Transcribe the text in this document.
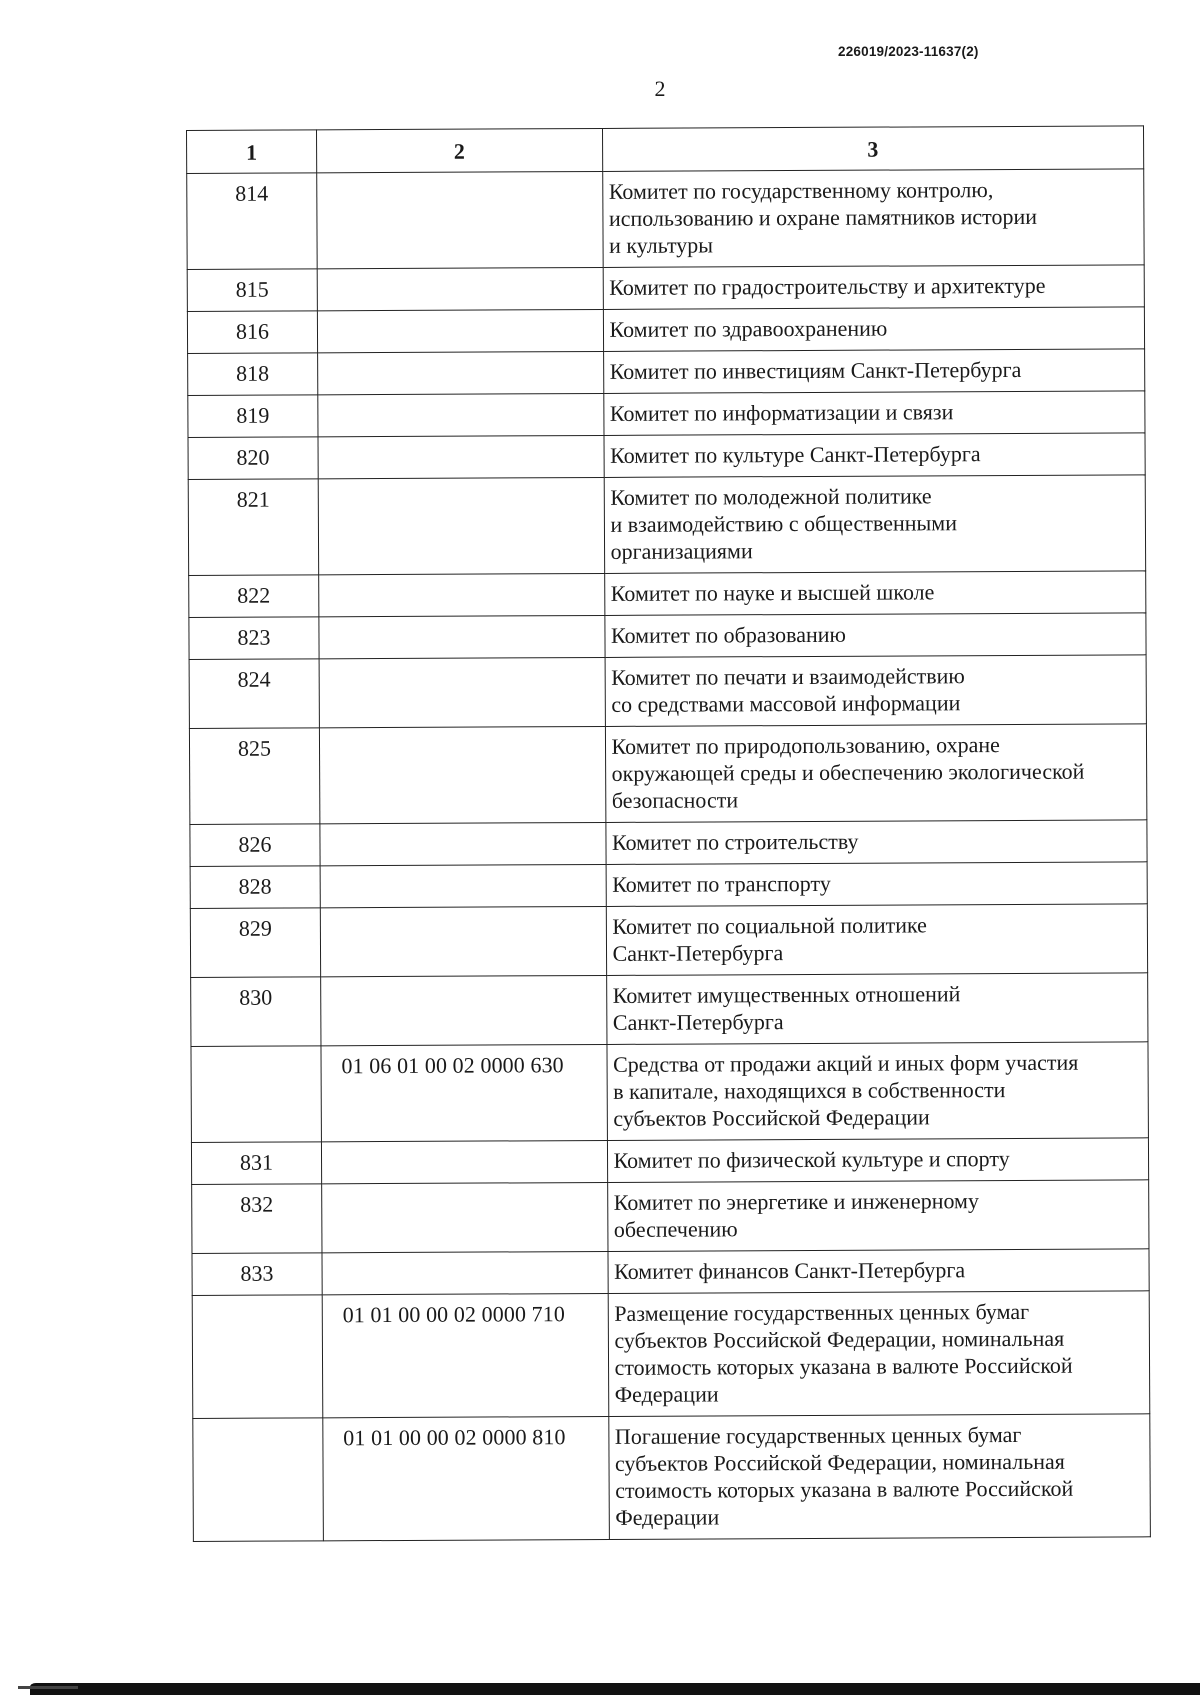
226019/2023-11637(2)
2
1	2	3
814		Комитет по государственному контролю,
использованию и охране памятников истории
и культуры
815		Комитет по градостроительству и архитектуре
816		Комитет по здравоохранению
818		Комитет по инвестициям Санкт-Петербурга
819		Комитет по информатизации и связи
820		Комитет по культуре Санкт-Петербурга
821		Комитет по молодежной политике
и взаимодействию с общественными
организациями
822		Комитет по науке и высшей школе
823		Комитет по образованию
824		Комитет по печати и взаимодействию
со средствами массовой информации
825		Комитет по природопользованию, охране
окружающей среды и обеспечению экологической
безопасности
826		Комитет по строительству
828		Комитет по транспорту
829		Комитет по социальной политике
Санкт-Петербурга
830		Комитет имущественных отношений
Санкт-Петербурга
	01 06 01 00 02 0000 630	Средства от продажи акций и иных форм участия
в капитале, находящихся в собственности
субъектов Российской Федерации
831		Комитет по физической культуре и спорту
832		Комитет по энергетике и инженерному
обеспечению
833		Комитет финансов Санкт-Петербурга
	01 01 00 00 02 0000 710	Размещение государственных ценных бумаг
субъектов Российской Федерации, номинальная
стоимость которых указана в валюте Российской
Федерации
	01 01 00 00 02 0000 810	Погашение государственных ценных бумаг
субъектов Российской Федерации, номинальная
стоимость которых указана в валюте Российской
Федерации
